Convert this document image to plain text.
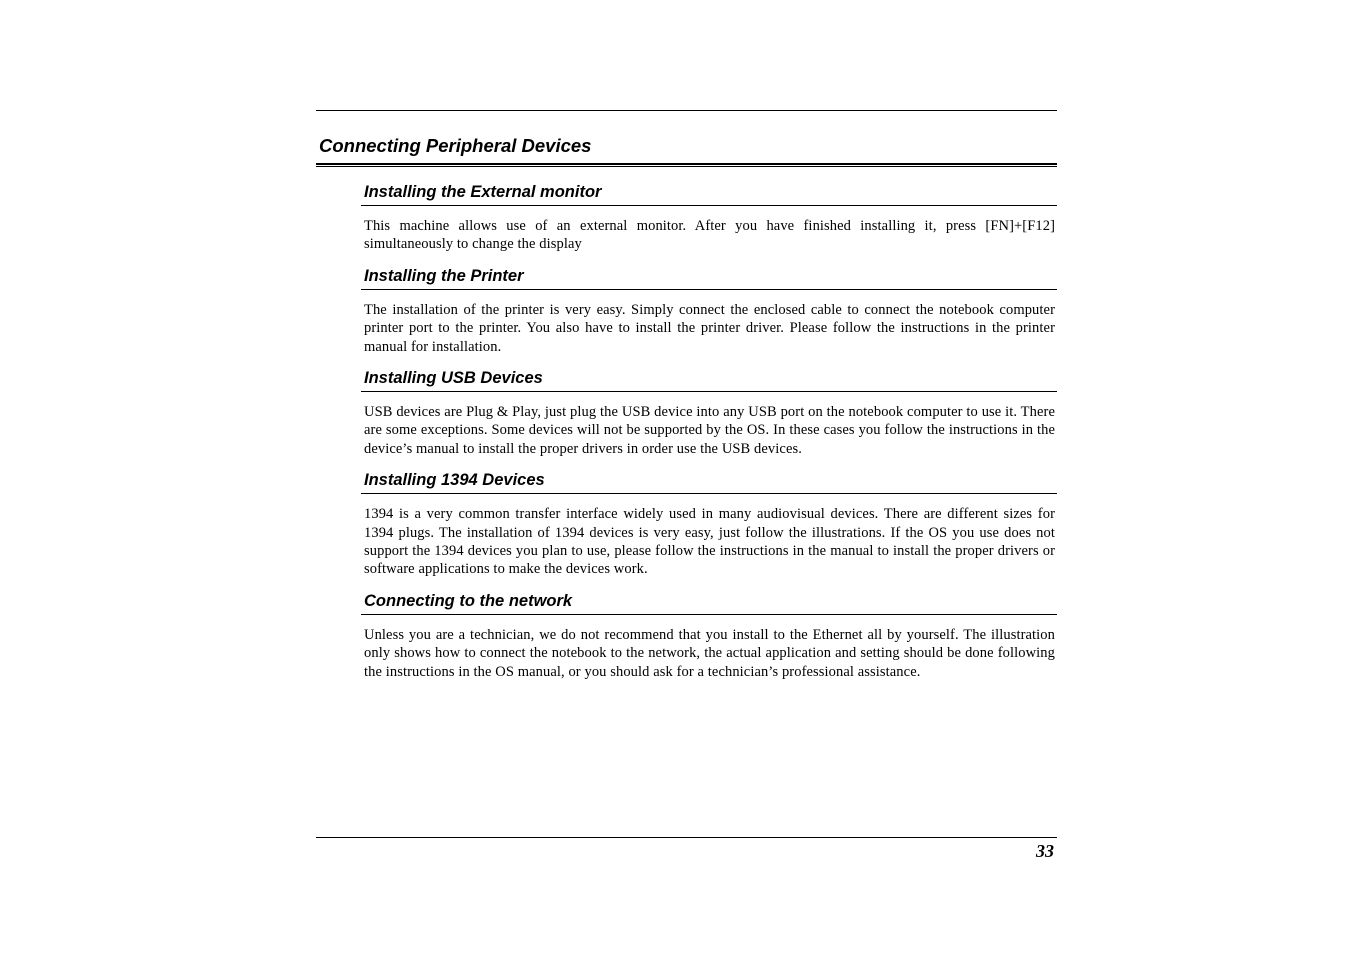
Connecting Peripheral Devices
Installing the External monitor

This machine allows use of an external monitor. After you have finished installing it, press [FN]+[F12] simultaneously to change the display

Installing the Printer

The installation of the printer is very easy. Simply connect the enclosed cable to connect the notebook computer printer port to the printer. You also have to install the printer driver. Please follow the instructions in the printer manual for installation.

Installing USB Devices

USB devices are Plug & Play, just plug the USB device into any USB port on the notebook computer to use it. There are some exceptions. Some devices will not be supported by the OS. In these cases you follow the instructions in the device’s manual to install the proper drivers in order use the USB devices.

Installing 1394 Devices

1394 is a very common transfer interface widely used in many audiovisual devices. There are different sizes for 1394 plugs. The installation of 1394 devices is very easy, just follow the illustrations. If the OS you use does not support the 1394 devices you plan to use, please follow the instructions in the manual to install the proper drivers or software applications to make the devices work.

Connecting to the network

Unless you are a technician, we do not recommend that you install to the Ethernet all by yourself. The illustration only shows how to connect the notebook to the network, the actual application and setting should be done following the instructions in the OS manual, or you should ask for a technician’s professional assistance.

33
